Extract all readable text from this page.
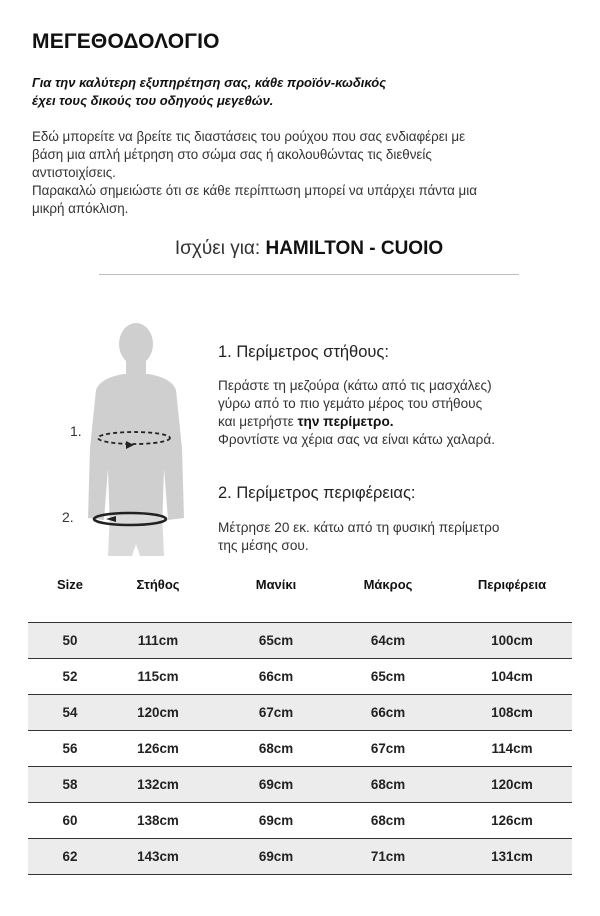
ΜΕΓΕΘΟΔΟΛΟΓΙΟ
Για την καλύτερη εξυπηρέτηση σας, κάθε προϊόν-κωδικός
έχει τους δικούς του οδηγούς μεγεθών.
Εδώ μπορείτε να βρείτε τις διαστάσεις του ρούχου που σας ενδιαφέρει με
βάση μια απλή μέτρηση στο σώμα σας ή ακολουθώντας τις διεθνείς
αντιστοιχίσεις.
Παρακαλώ σημειώστε ότι σε κάθε περίπτωση μπορεί να υπάρχει πάντα μια
μικρή απόκλιση.
Ισχύει για: HAMILTON - CUOIO
1.
2.
1. Περίμετρος στήθους:
Περάστε τη μεζούρα (κάτω από τις μασχάλες)
γύρω από το πιο γεμάτο μέρος του στήθους
και μετρήστε την περίμετρο.
Φροντίστε να χέρια σας να είναι κάτω χαλαρά.
2. Περίμετρος περιφέρειας:
Μέτρησε 20 εκ. κάτω από τη φυσική περίμετρο
της μέσης σου.
Size	Στήθος	Μανίκι	Μάκρος	Περιφέρεια
50	111cm	65cm	64cm	100cm
52	115cm	66cm	65cm	104cm
54	120cm	67cm	66cm	108cm
56	126cm	68cm	67cm	114cm
58	132cm	69cm	68cm	120cm
60	138cm	69cm	68cm	126cm
62	143cm	69cm	71cm	131cm
